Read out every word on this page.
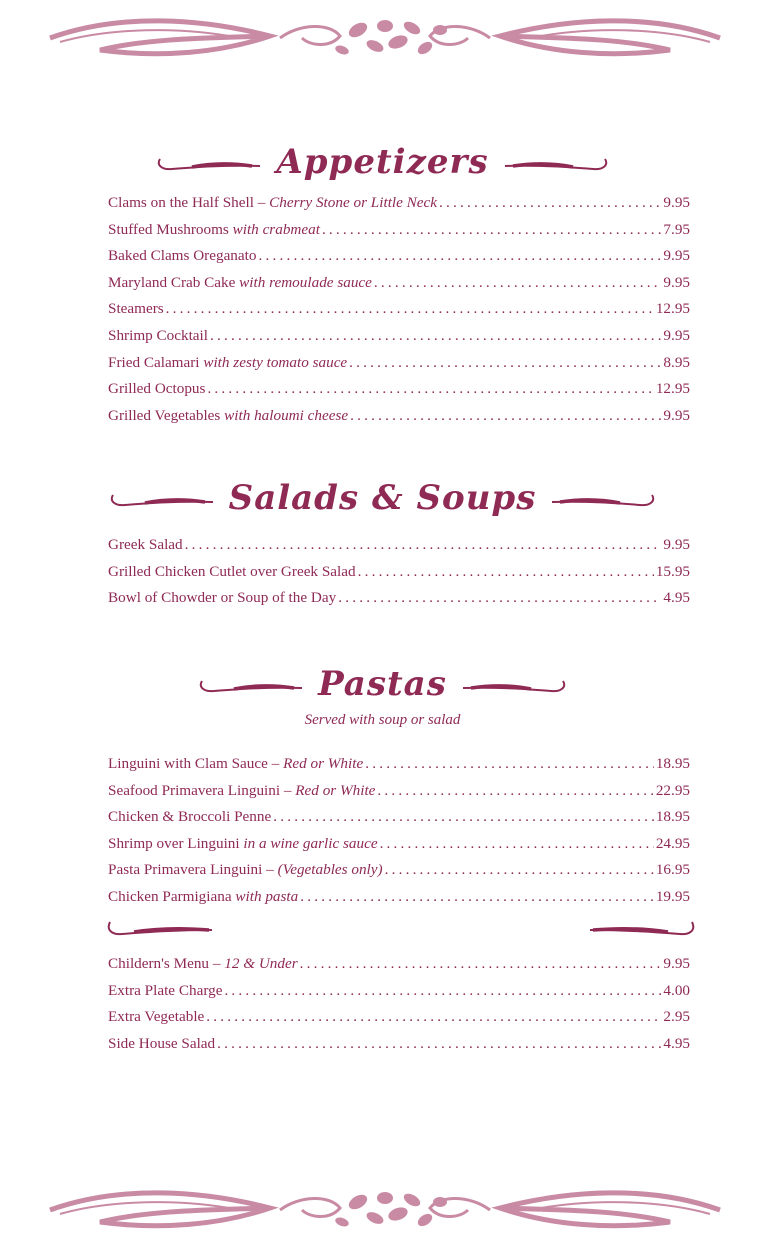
Appetizers
Clams on the Half Shell – Cherry Stone or Little Neck .....	9.95
Stuffed Mushrooms with crabmeat .....	7.95
Baked Clams Oreganato .....	9.95
Maryland Crab Cake with remoulade sauce .....	9.95
Steamers .....	12.95
Shrimp Cocktail .....	9.95
Fried Calamari with zesty tomato sauce .....	8.95
Grilled Octopus .....	12.95
Grilled Vegetables with haloumi cheese .....	9.95
Salads & Soups
Greek Salad .....	9.95
Grilled Chicken Cutlet over Greek Salad .....	15.95
Bowl of Chowder or Soup of the Day .....	4.95
Pastas
Served with soup or salad
Linguini with Clam Sauce – Red or White .....	18.95
Seafood Primavera Linguini – Red or White .....	22.95
Chicken & Broccoli Penne .....	18.95
Shrimp over Linguini in a wine garlic sauce .....	24.95
Pasta Primavera Linguini – (Vegetables only) .....	16.95
Chicken Parmigiana with pasta .....	19.95
Childern's Menu – 12 & Under .....	9.95
Extra Plate Charge .....	4.00
Extra Vegetable .....	2.95
Side House Salad .....	4.95
